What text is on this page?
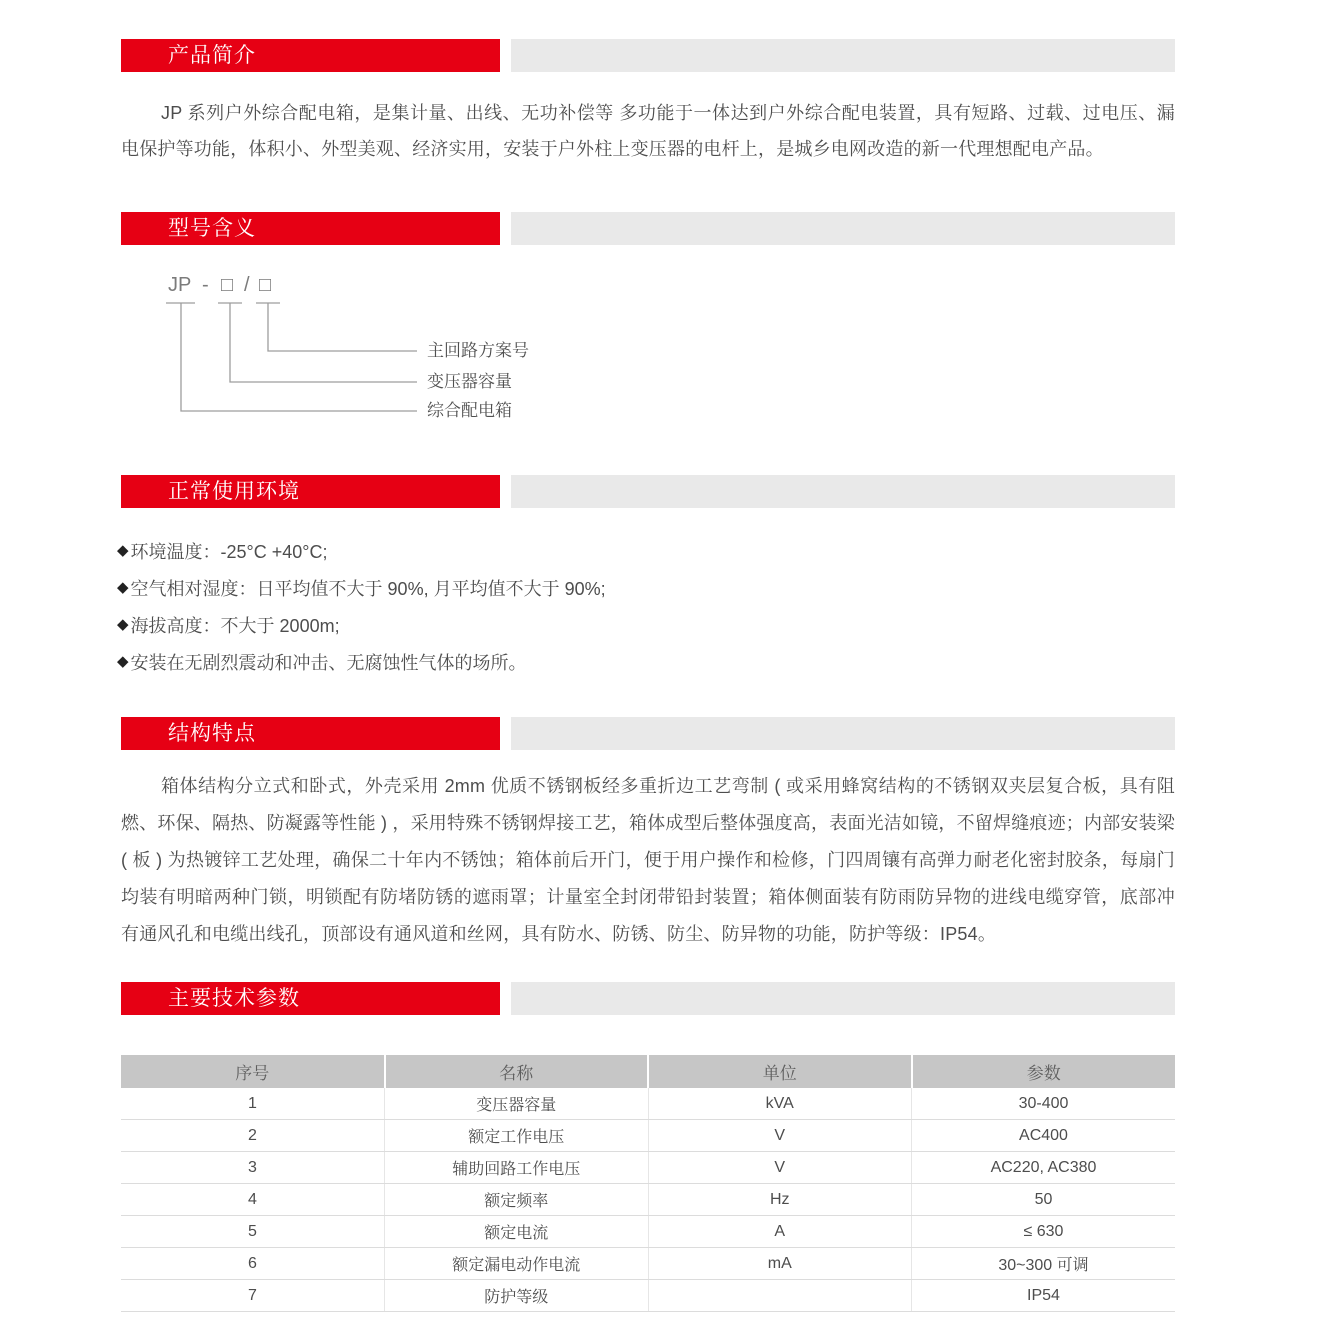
产品简介

JP 系列户外综合配电箱，是集计量、出线、无功补偿等 多功能于一体达到户外综合配电装置，具有短路、过载、过电压、漏电保护等功能，体积小、外型美观、经济实用，安装于户外柱上变压器的电杆上，是城乡电网改造的新一代理想配电产品。

型号含义
JP - □ / □
主回路方案号
变压器容量
综合配电箱
正常使用环境
◆ 环境温度：-25°C +40°C;
◆ 空气相对湿度：日平均值不大于 90%, 月平均值不大于 90%;
◆ 海拔高度：不大于 2000m;
◆ 安装在无剧烈震动和冲击、无腐蚀性气体的场所。
结构特点

箱体结构分立式和卧式，外壳采用 2mm 优质不锈钢板经多重折边工艺弯制 ( 或采用蜂窝结构的不锈钢双夹层复合板，具有阻燃、环保、隔热、防凝露等性能 ) ，采用特殊不锈钢焊接工艺，箱体成型后整体强度高，表面光洁如镜，不留焊缝痕迹；内部安装梁 ( 板 ) 为热镀锌工艺处理，确保二十年内不锈蚀；箱体前后开门，便于用户操作和检修，门四周镶有高弹力耐老化密封胶条，每扇门均装有明暗两种门锁，明锁配有防堵防锈的遮雨罩；计量室全封闭带铅封装置；箱体侧面装有防雨防异物的进线电缆穿管，底部冲有通风孔和电缆出线孔，顶部设有通风道和丝网，具有防水、防锈、防尘、防异物的功能，防护等级：IP54。

主要技术参数
序号	名称	单位	参数
1	变压器容量	kVA	30-400
2	额定工作电压	V	AC400
3	辅助回路工作电压	V	AC220, AC380
4	额定频率	Hz	50
5	额定电流	A	≤ 630
6	额定漏电动作电流	mA	30~300 可调
7	防护等级		IP54
